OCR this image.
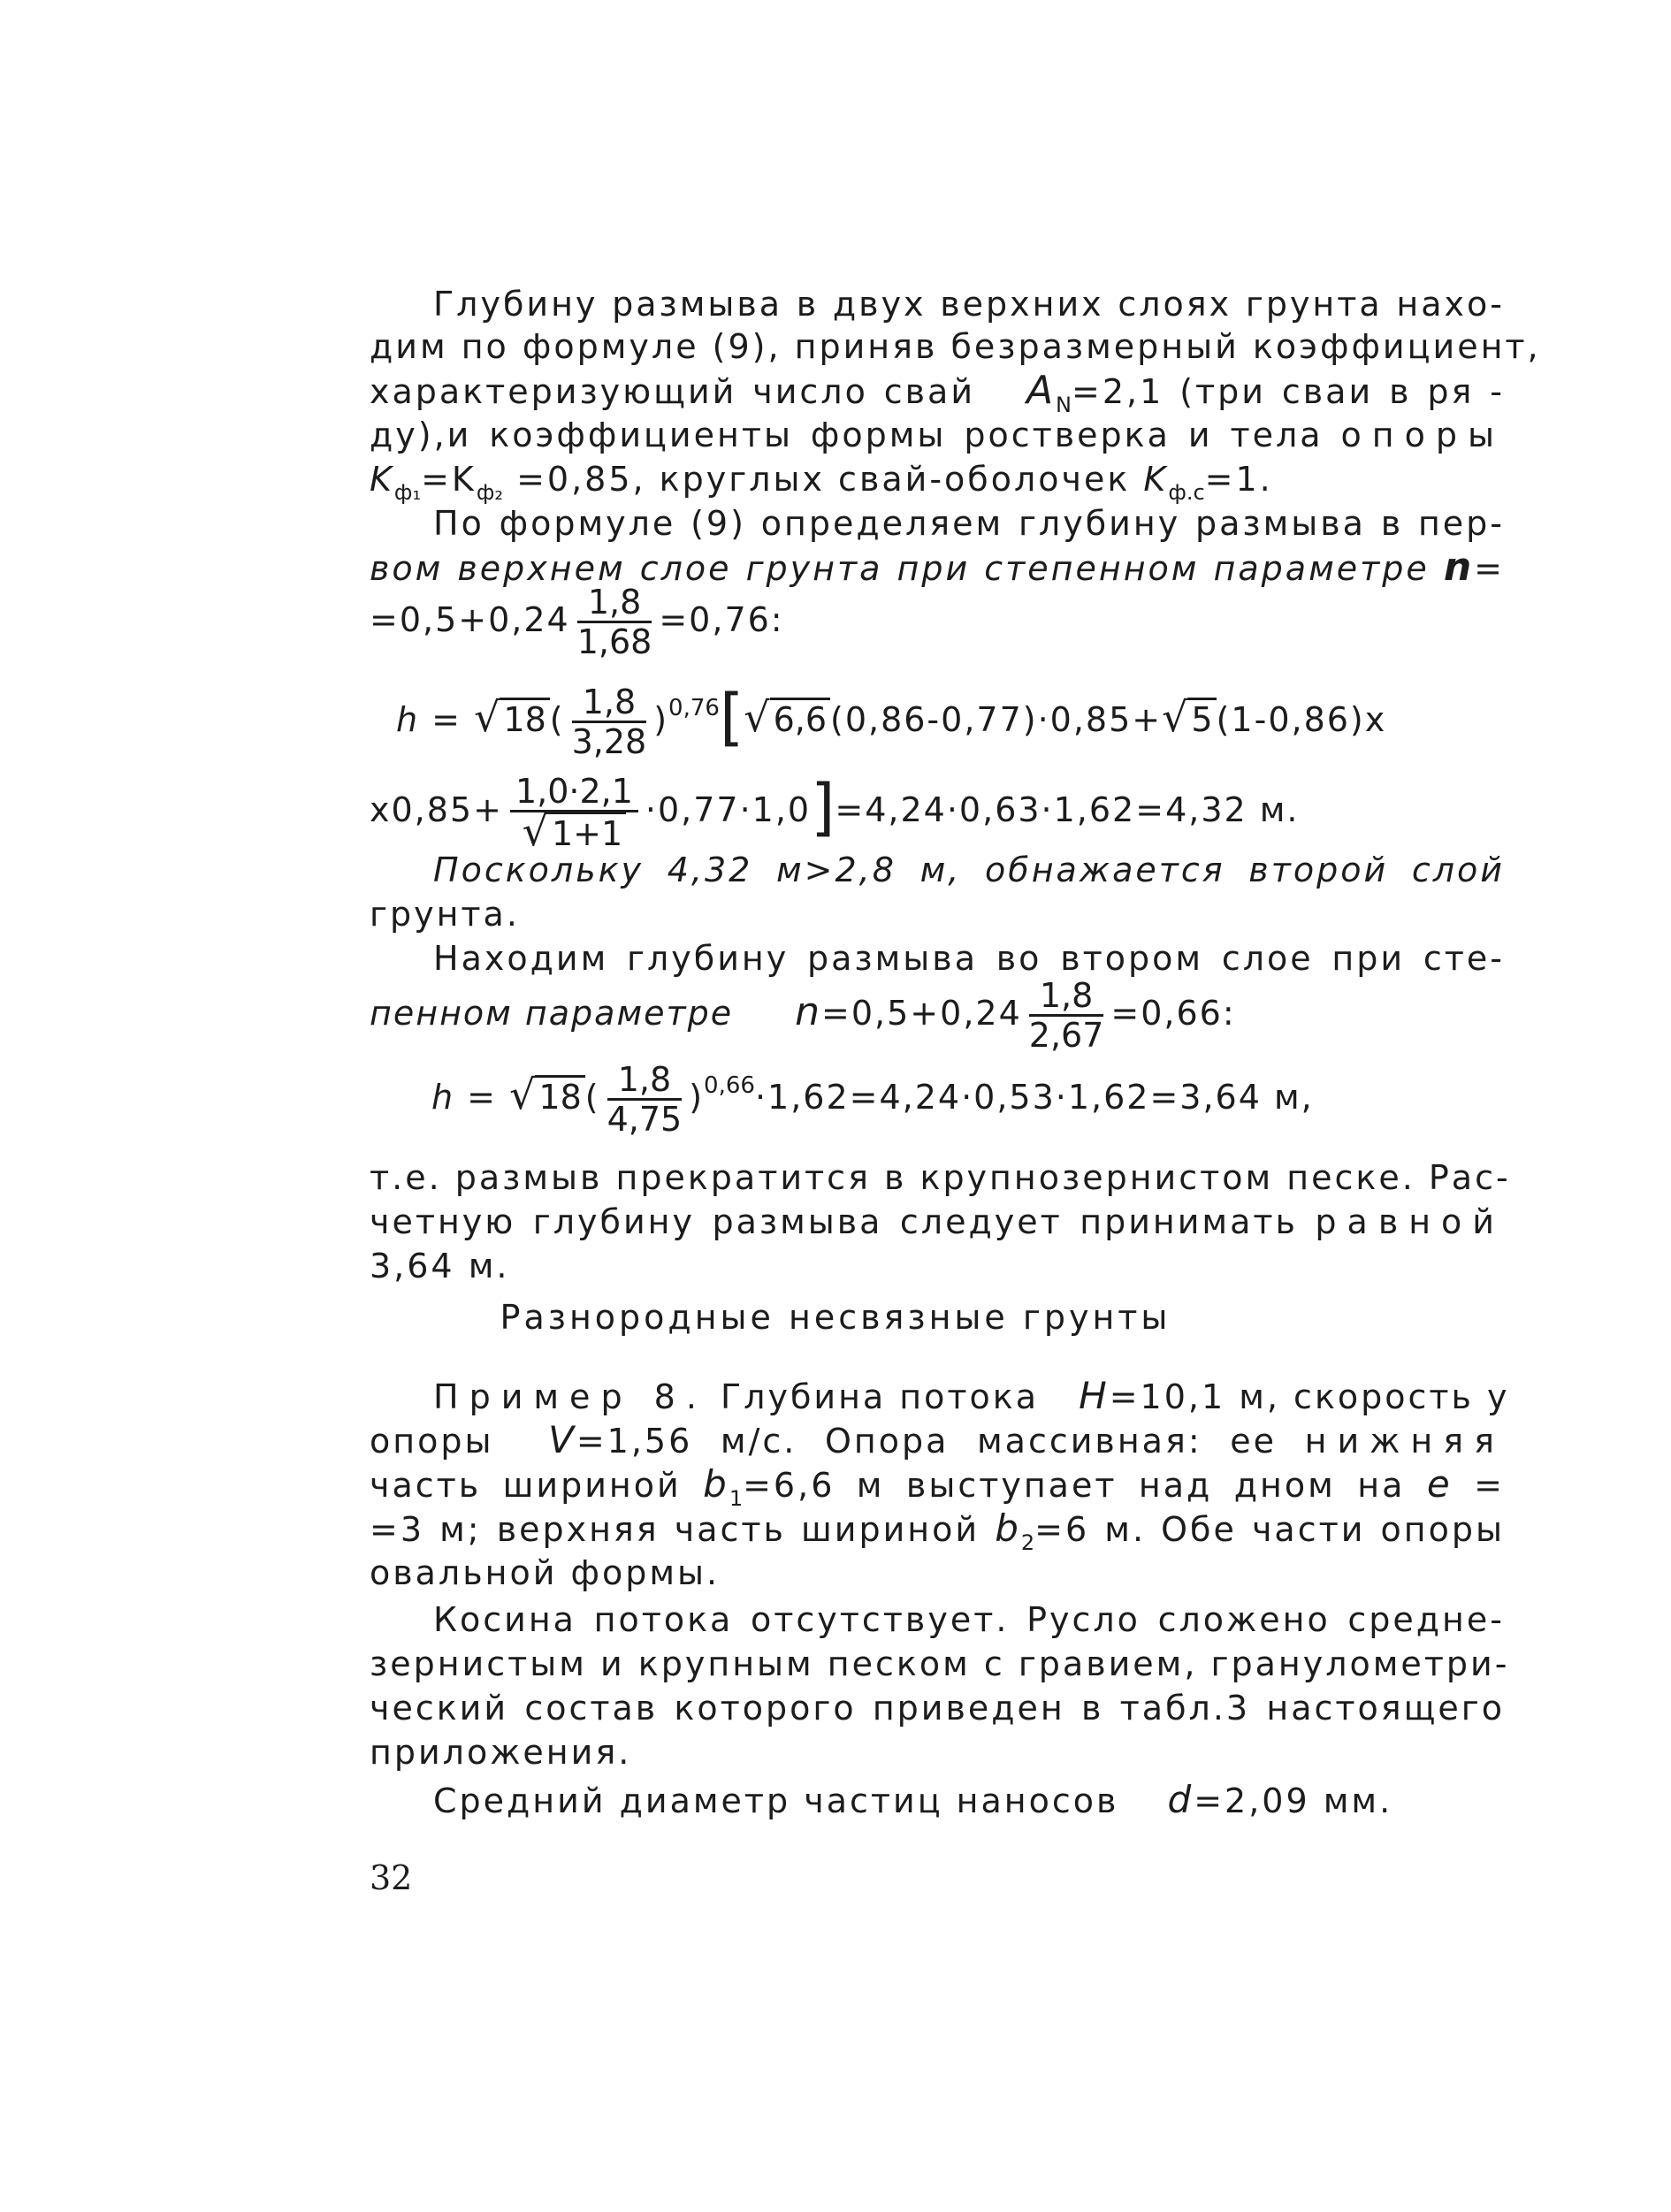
Глубину размыва в двух верхних слоях грунта нахо-
дим по формуле (9), приняв безразмерный коэффициент,
характеризующий число свай $A_N=2,1$ (три сваи в ря -
ду),и коэффициенты формы ростверка и тела опоры
$K_{ф_1}=K_{ф_2} =0,85$, круглых свай-оболочек $K_{ф.с}=1$.
По формуле (9) определяем глубину размыва в пер-
вом верхнем слое грунта при степенном параметре n=
$=0,5+0,24 \frac{1,8}{1,68} =0,76$:
h = √ 18 ( $\frac{1,8}{3,28} )^{0,76}[√$ 6,6 (0,86-0,77)·0,85+√ 5 (1-0,86)x
$x0,85+ \frac{1,0\cdot 2,1}{√ 1+1} \cdot 0,77\cdot 1,0]=4,24\cdot 0,63\cdot 1,62=4,32$ м.
Поскольку 4,32 м>2,8 м, обнажается второй слой
грунта.
Находим глубину размыва во втором слое при сте-
пенном параметре $n=0,5+0,24 \frac{1,8}{2,67} =0,66$:
h = √ 18 ( $\frac{1,8}{4,75} )^{0,66}\cdot 1,62=4,24\cdot 0,53\cdot 1,62=3,64$ м,
т.е. размыв прекратится в крупнозернистом песке. Рас-
четную глубину размыва следует принимать равной
3,64 м.
Разнородные несвязные грунты
Пример 8. Глубина потока H=10,1 м, скорость у
опоры V=1,56 м/с. Опора массивная: ее нижняя
часть шириной $b_1=6,6$ м выступает над дном на e =
=3 м; верхняя часть шириной $b_2=6$ м. Обе части опоры
овальной формы.
Косина потока отсутствует. Русло сложено средне-
зернистым и крупным песком с гравием, гранулометри-
ческий состав которого приведен в табл.3 настоящего
приложения.
Средний диаметр частиц наносов d=2,09 мм.
32
